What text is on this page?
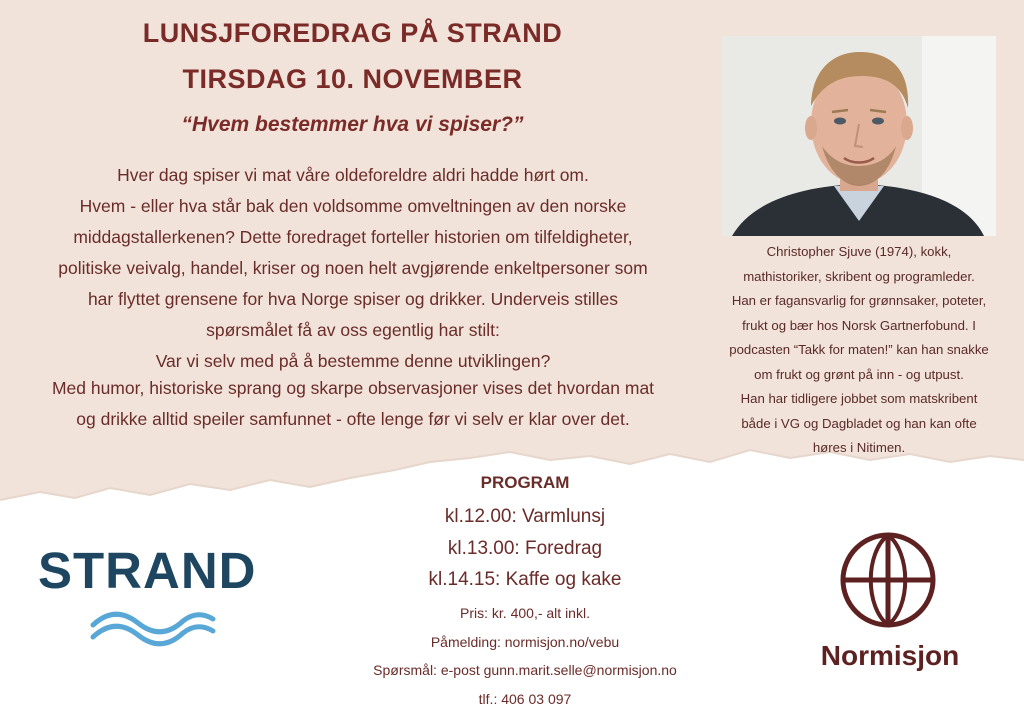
LUNSJFOREDRAG PÅ STRAND
TIRSDAG 10. NOVEMBER
“Hvem bestemmer hva vi spiser?”
Hver dag spiser vi mat våre oldeforeldre aldri hadde hørt om.
Hvem - eller hva står bak den voldsomme omveltningen av den norske
middagstallerkenen? Dette foredraget forteller historien om tilfeldigheter,
politiske veivalg, handel, kriser og noen helt avgjørende enkeltpersoner som
har flyttet grensene for hva Norge spiser og drikker. Underveis stilles
spørsmålet få av oss egentlig har stilt:
Var vi selv med på å bestemme denne utviklingen?
Med humor, historiske sprang og skarpe observasjoner vises det hvordan mat
og drikke alltid speiler samfunnet - ofte lenge før vi selv er klar over det.
Christopher Sjuve (1974), kokk,
mathistoriker, skribent og programleder.
Han er fagansvarlig for grønnsaker, poteter,
frukt og bær hos Norsk Gartnerfobund. I
podcasten “Takk for maten!” kan han snakke
om frukt og grønt på inn - og utpust.
Han har tidligere jobbet som matskribent
både i VG og Dagbladet og han kan ofte
høres i Nitimen.
PROGRAM
kl.12.00: Varmlunsj
kl.13.00: Foredrag
kl.14.15: Kaffe og kake
Pris: kr. 400,- alt inkl.
Påmelding: normisjon.no/vebu
Spørsmål: e-post gunn.marit.selle@normisjon.no
tlf.: 406 03 097
STRAND
Normisjon
